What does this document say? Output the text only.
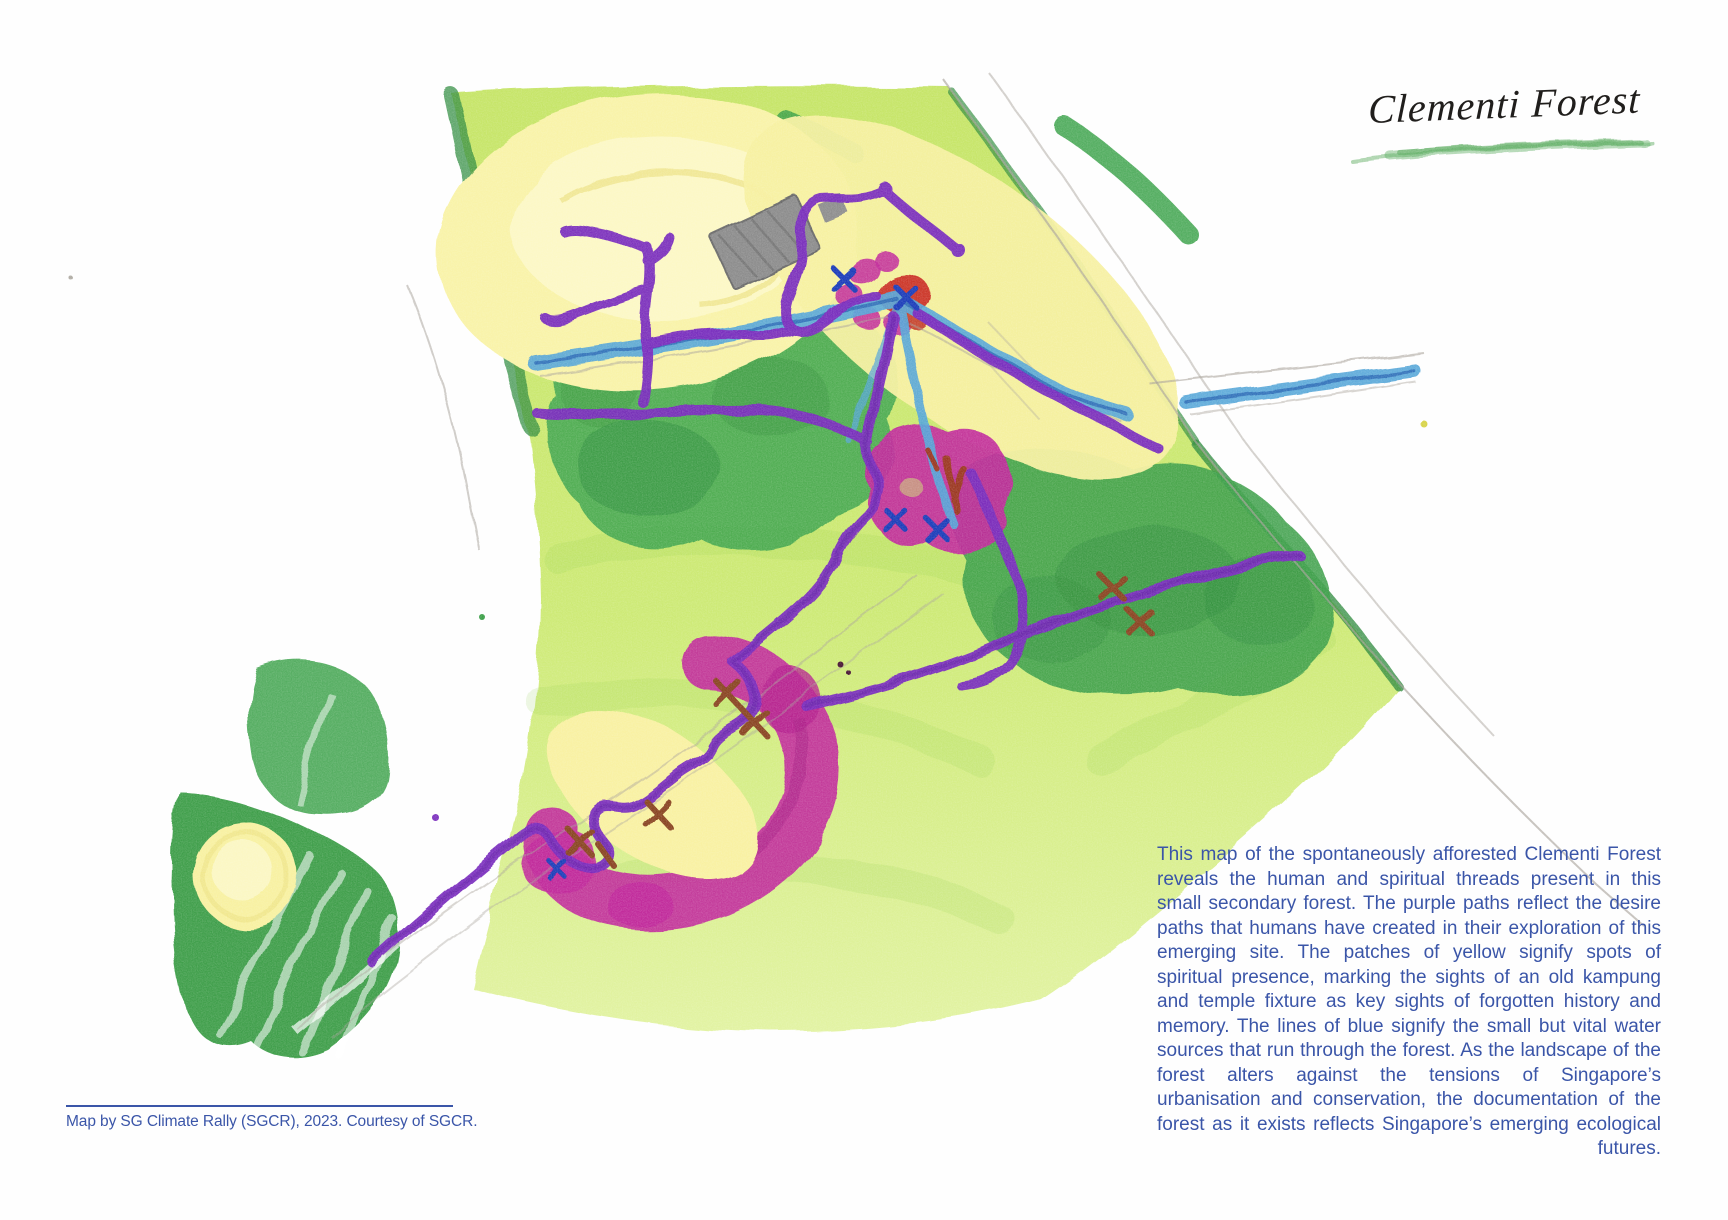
Clementi Forest
Map by SG Climate Rally (SGCR), 2023. Courtesy of SGCR.
This map of the spontaneously afforested Clementi Forest reveals the human and spiritual threads present in this small secondary forest. The purple paths reflect the desire paths that humans have created in their exploration of this emerging site. The patches of yellow signify spots of spiritual presence, marking the sights of an old kampung and temple fixture as key sights of forgotten history and memory. The lines of blue signify the small but vital water sources that run through the forest. As the landscape of the forest alters against the tensions of Singapore’s urbanisation and conservation, the documentation of the forest as it exists reflects Singapore’s emerging ecological futures.
